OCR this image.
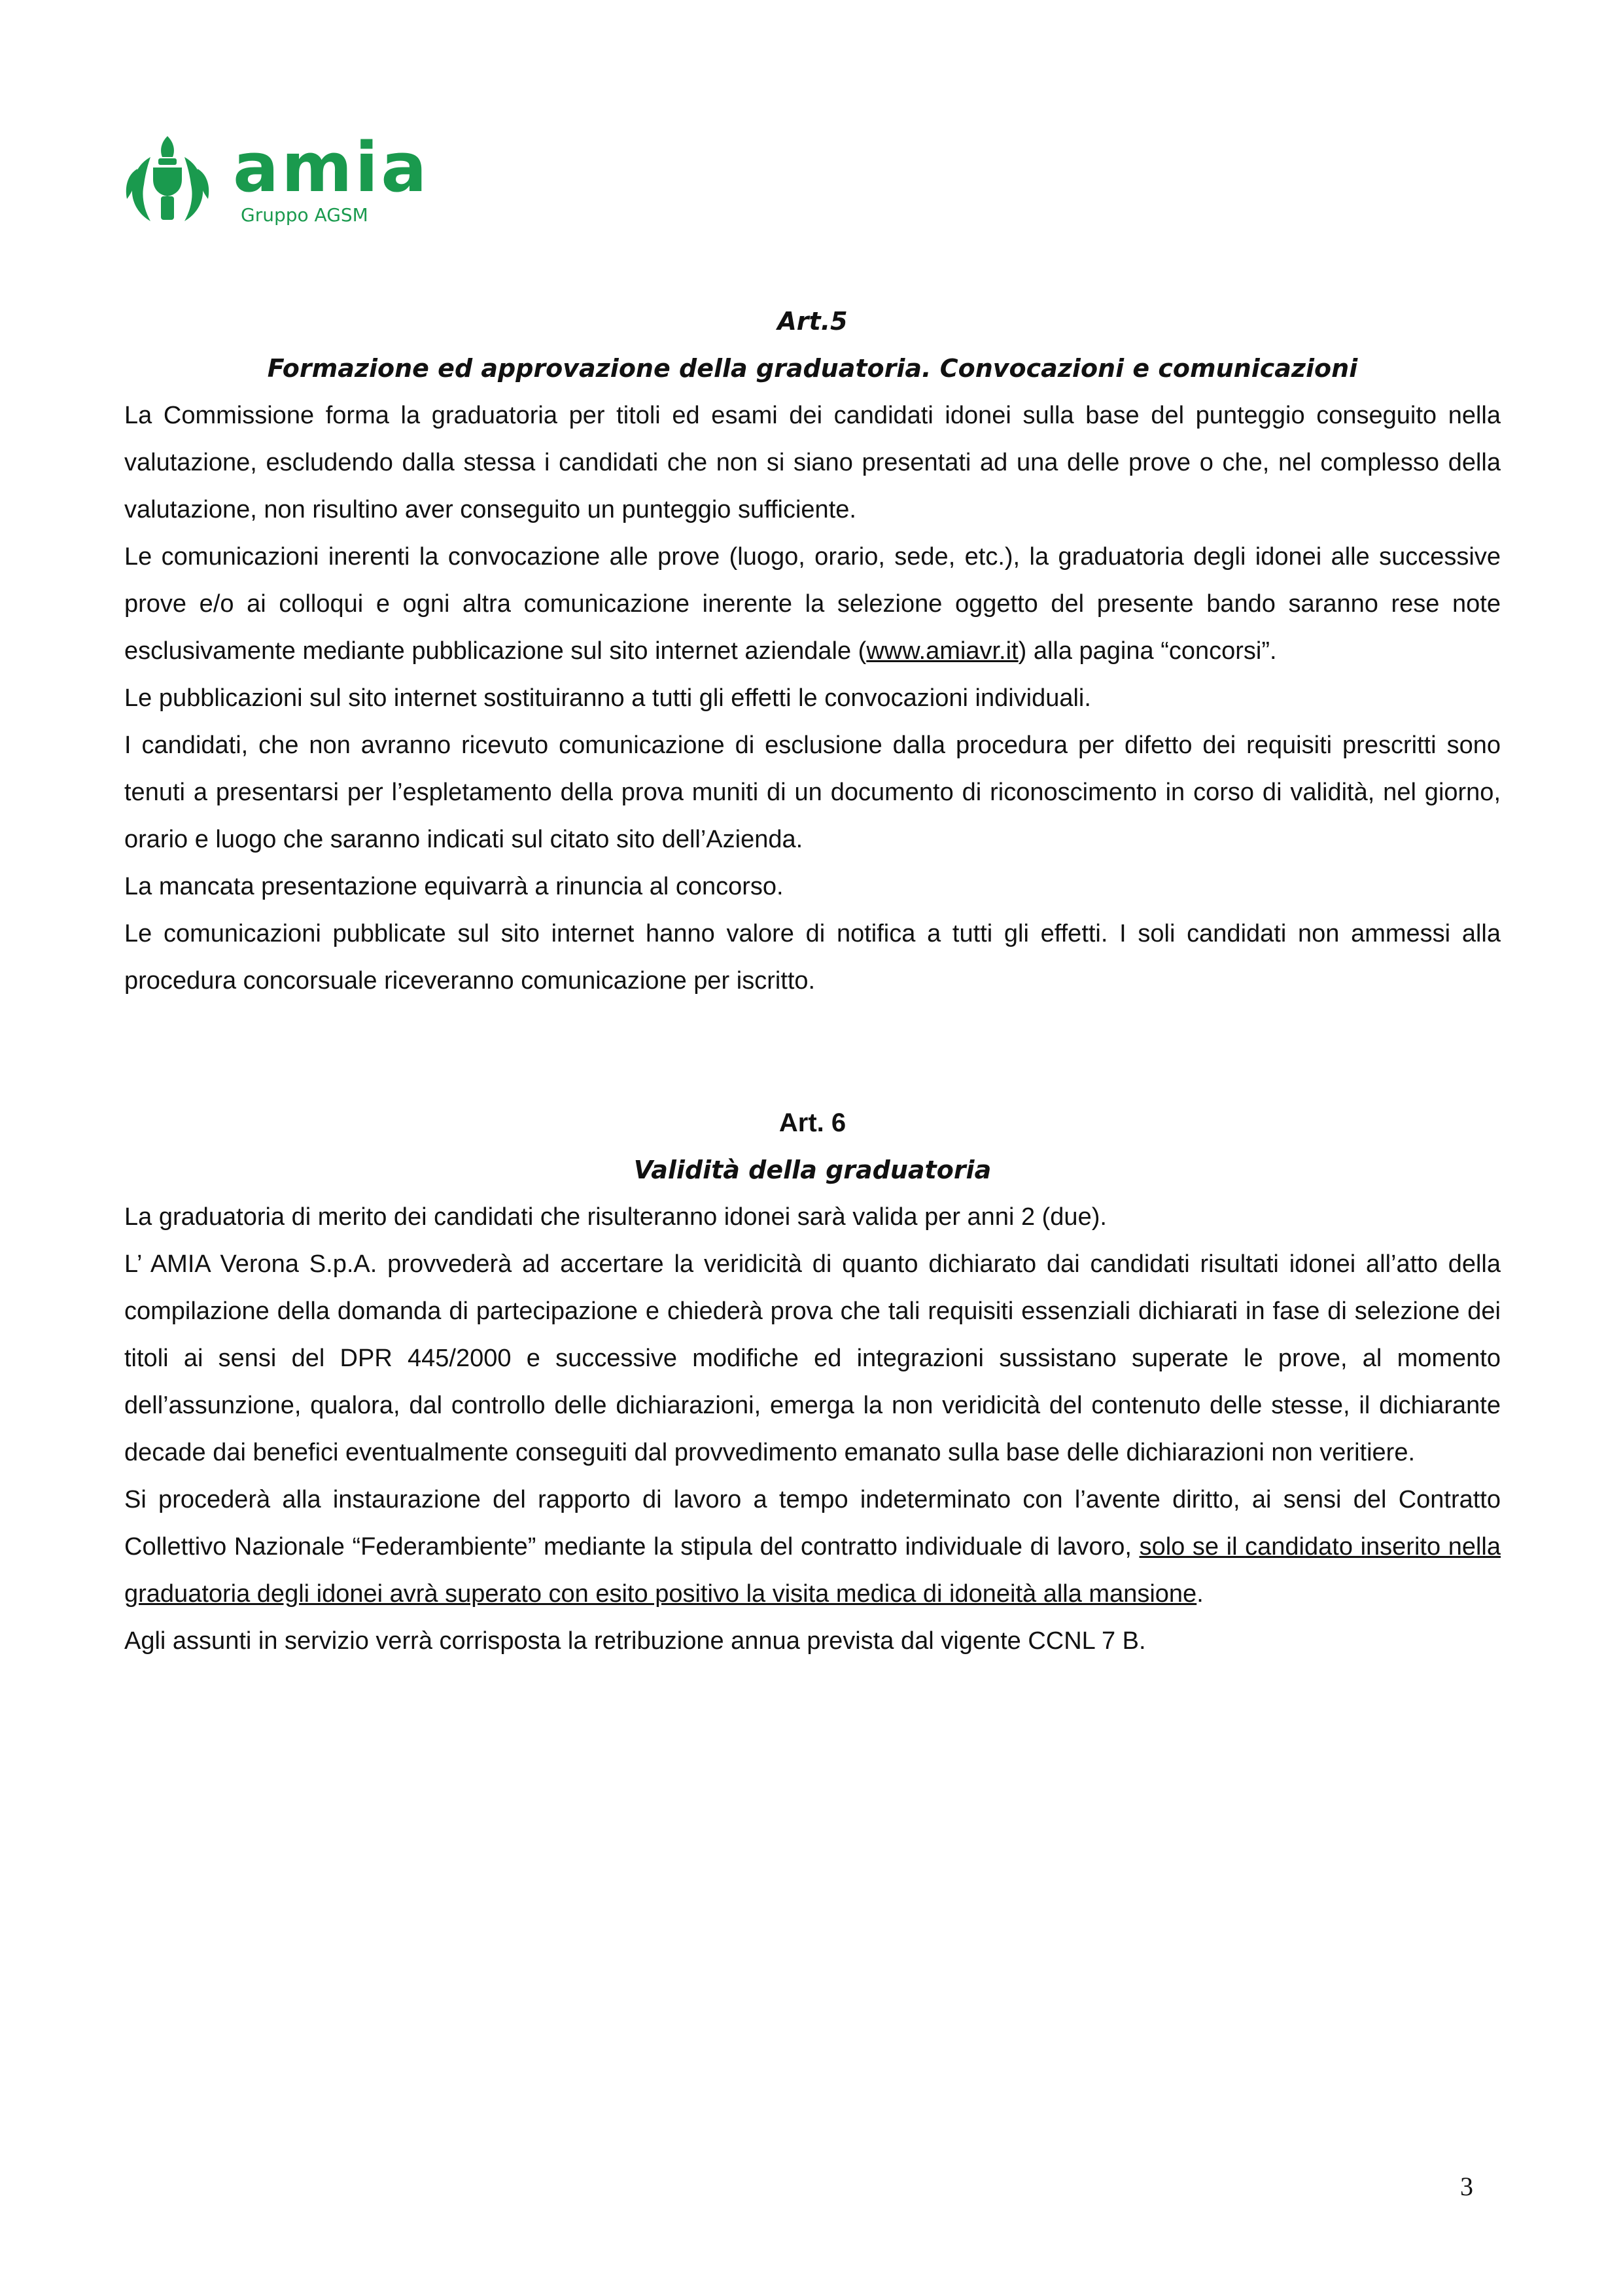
amia
Gruppo AGSM
Art.5
Formazione ed approvazione della graduatoria. Convocazioni e comunicazioni

La Commissione forma la graduatoria per titoli ed esami dei candidati idonei sulla base del punteggio conseguito nella valutazione, escludendo dalla stessa i candidati che non si siano presentati ad una delle prove o che, nel complesso della valutazione, non risultino aver conseguito un punteggio sufficiente.

Le comunicazioni inerenti la convocazione alle prove (luogo, orario, sede, etc.), la graduatoria degli idonei alle successive prove e/o ai colloqui e ogni altra comunicazione inerente la selezione oggetto del presente bando saranno rese note esclusivamente mediante pubblicazione sul sito internet aziendale (www.amiavr.it) alla pagina “concorsi”.

Le pubblicazioni sul sito internet sostituiranno a tutti gli effetti le convocazioni individuali.

I candidati, che non avranno ricevuto comunicazione di esclusione dalla procedura per difetto dei requisiti prescritti sono tenuti a presentarsi per l’espletamento della prova muniti di un documento di riconoscimento in corso di validità, nel giorno, orario e luogo che saranno indicati sul citato sito dell’Azienda.

La mancata presentazione equivarrà a rinuncia al concorso.

Le comunicazioni pubblicate sul sito internet hanno valore di notifica a tutti gli effetti. I soli candidati non ammessi alla procedura concorsuale riceveranno comunicazione per iscritto.

Art. 6
Validità della graduatoria

La graduatoria di merito dei candidati che risulteranno idonei sarà valida per anni 2 (due).

L’ AMIA Verona S.p.A. provvederà ad accertare la veridicità di quanto dichiarato dai candidati risultati idonei all’atto della compilazione della domanda di partecipazione e chiederà prova che tali requisiti essenziali dichiarati in fase di selezione dei titoli ai sensi del DPR 445/2000 e successive modifiche ed integrazioni sussistano superate le prove, al momento dell’assunzione, qualora, dal controllo delle dichiarazioni, emerga la non veridicità del contenuto delle stesse, il dichiarante decade dai benefici eventualmente conseguiti dal provvedimento emanato sulla base delle dichiarazioni non veritiere.

Si procederà alla instaurazione del rapporto di lavoro a tempo indeterminato con l’avente diritto, ai sensi del Contratto Collettivo Nazionale “Federambiente” mediante la stipula del contratto individuale di lavoro, solo se il candidato inserito nella graduatoria degli idonei avrà superato con esito positivo la visita medica di idoneità alla mansione.

Agli assunti in servizio verrà corrisposta la retribuzione annua prevista dal vigente CCNL 7 B.

3
